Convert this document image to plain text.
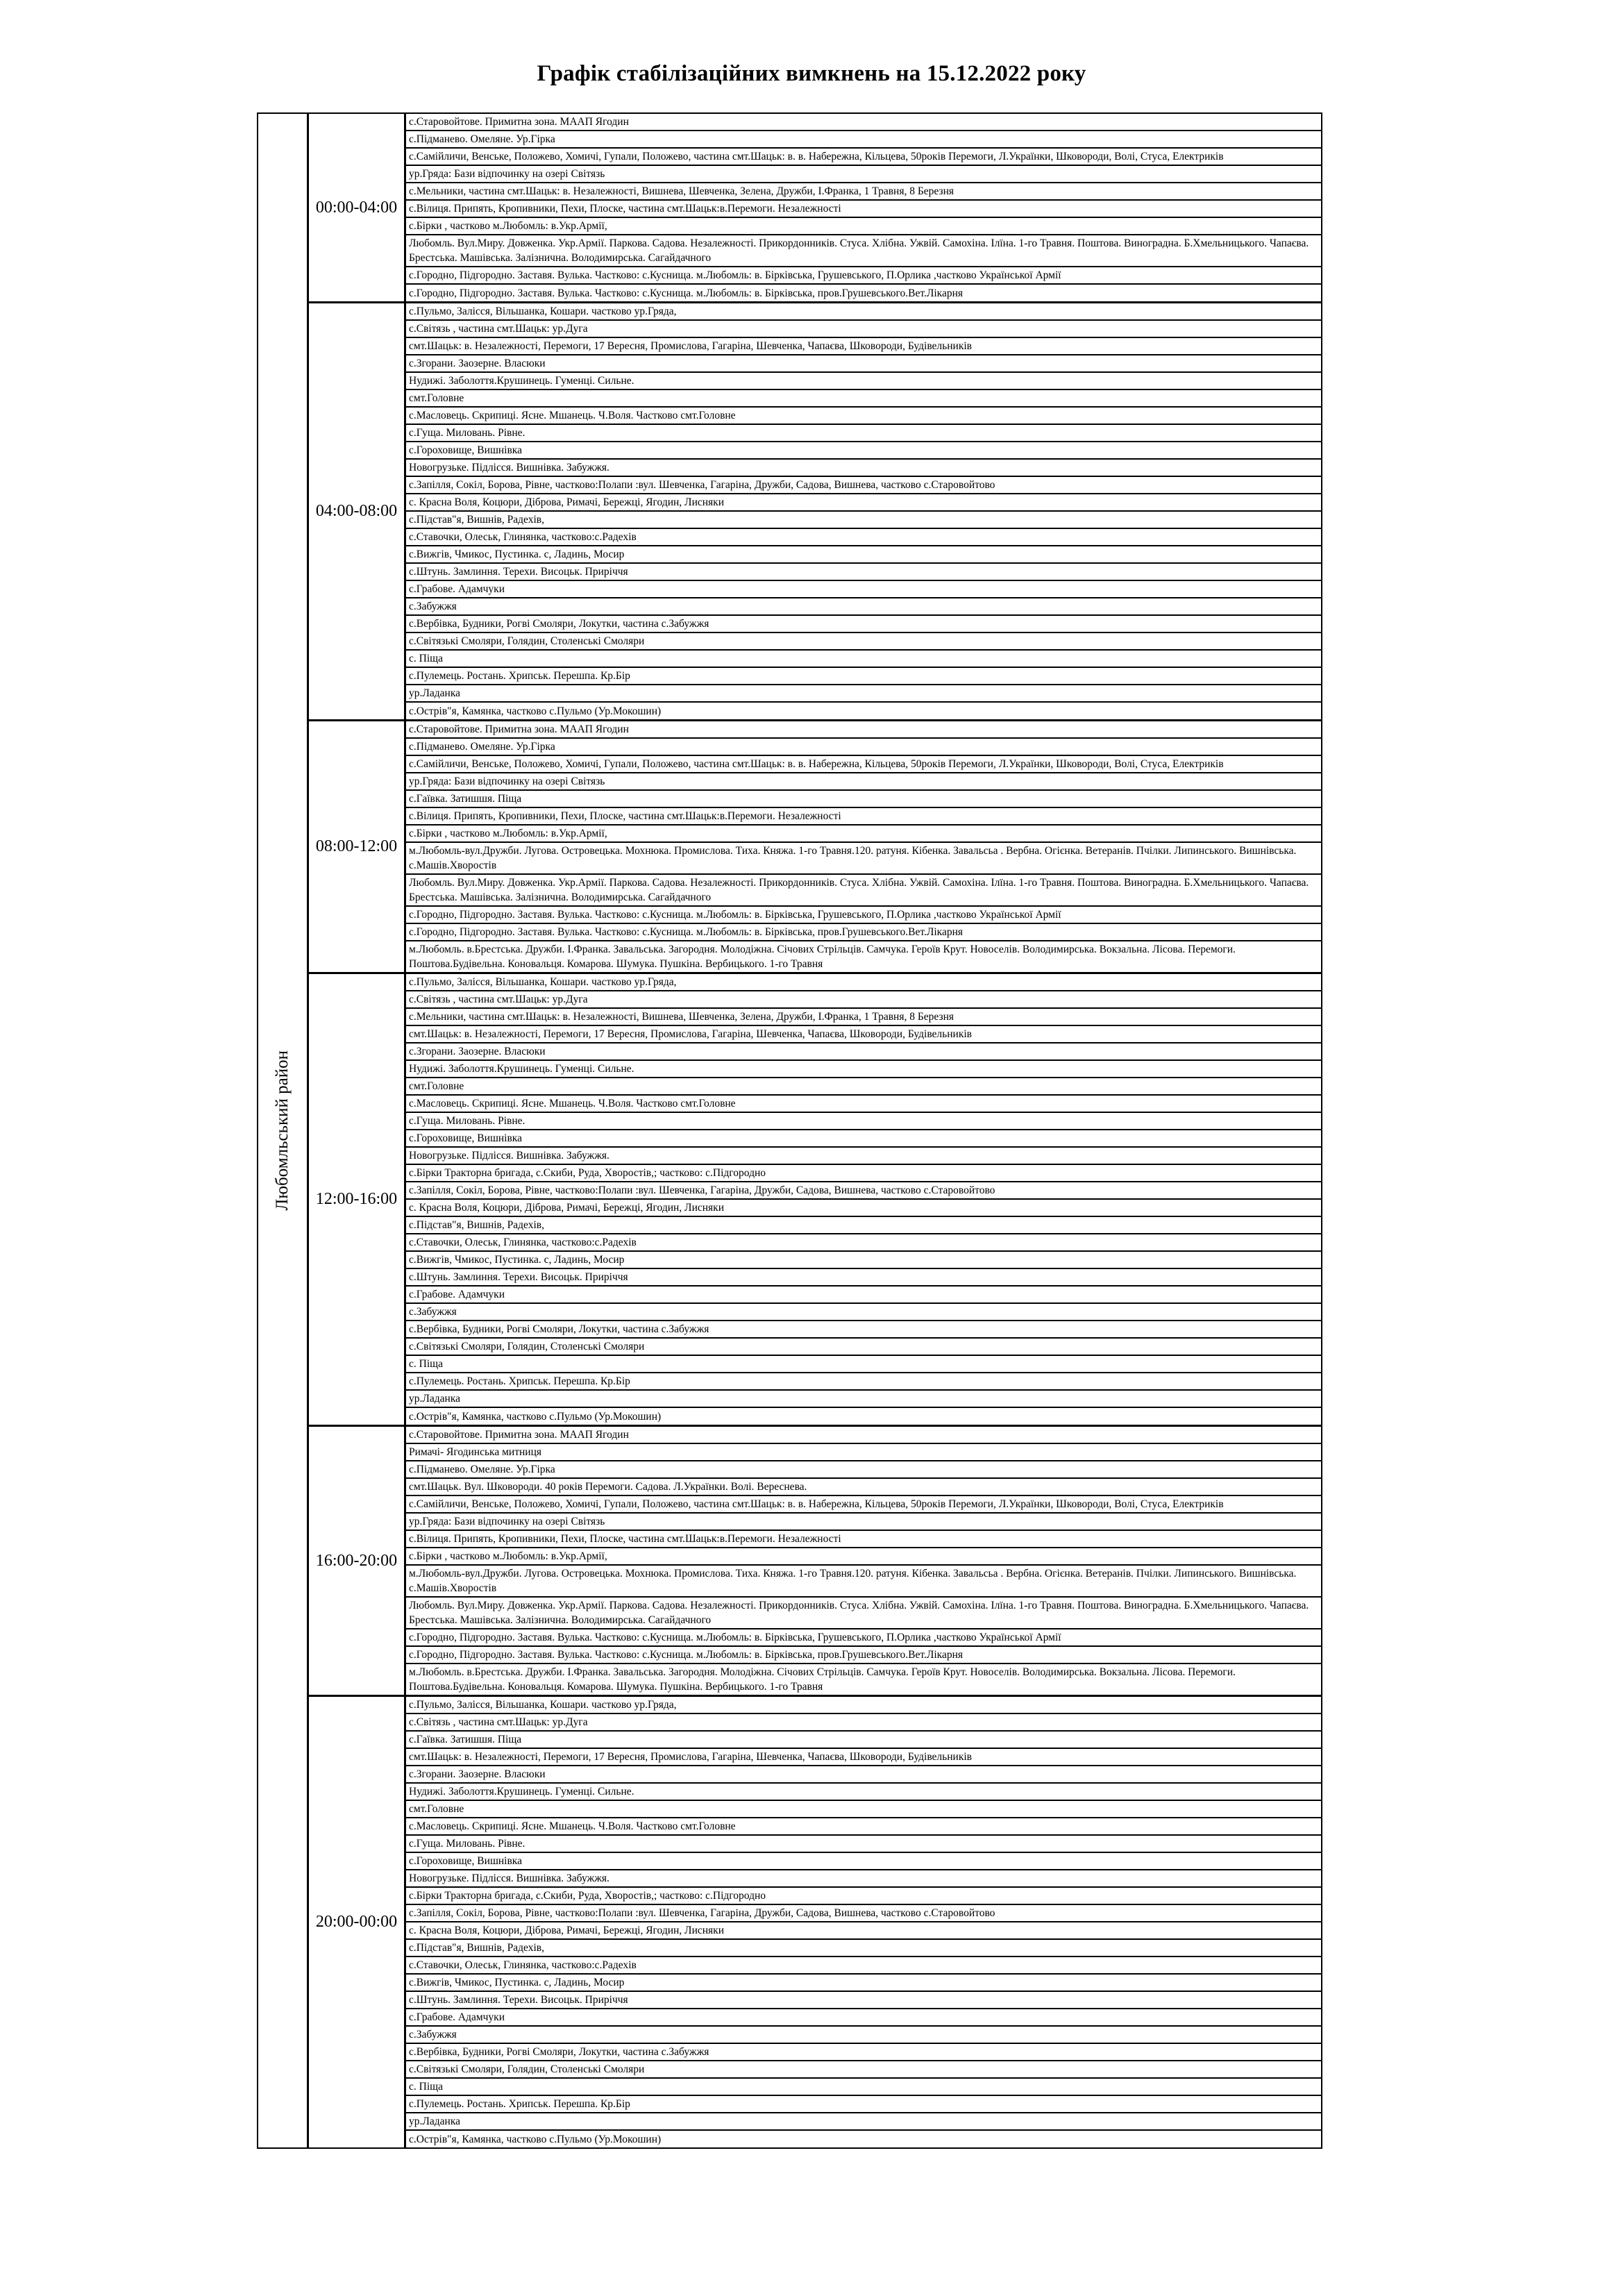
Графік стабілізаційних вимкнень на 15.12.2022 року
Любомльський район
00:00-04:00
с.Старовойтове. Примитна зона. МААП Ягодин
с.Підманево. Омеляне. Ур.Гірка
с.Самійличи, Венське, Положево, Хомичі, Гупали, Положево, частина смт.Шацьк: в. в. Набережна, Кільцева, 50років Перемоги, Л.Українки, Шковороди, Волі, Стуса, Електриків
ур.Гряда: Бази відпочинку на озері Світязь
с.Мельники, частина смт.Шацьк: в. Незалежності, Вишнева, Шевченка, Зелена, Дружби, І.Франка, 1 Травня, 8 Березня
с.Вілиця. Припять, Кропивники, Пехи, Плоске, частина смт.Шацьк:в.Перемоги. Незалежності
с.Бірки , частково м.Любомль: в.Укр.Армії,
Любомль. Вул.Миру. Довженка. Укр.Армії. Паркова. Садова. Незалежності. Прикордонників. Стуса. Хлібна. Ужвій. Самохіна. Ілїна. 1-го Травня. Поштова. Виноградна. Б.Хмельницького. Чапаєва. Брестська. Машівська. Залізнична. Володимирська. Сагайдачного
с.Городно, Підгородно. Заставя. Вулька. Частково: с.Куснища. м.Любомль: в. Бірківська, Грушевського, П.Орлика ,частково Української Армії
с.Городно, Підгородно. Заставя. Вулька. Частково: с.Куснища. м.Любомль: в. Бірківська, пров.Грушевського.Вет.Лікарня
04:00-08:00
с.Пульмо, Залісся, Вільшанка, Кошари. частково ур.Гряда,
с.Світязь , частина смт.Шацьк: ур.Дуга
смт.Шацьк: в. Незалежності, Перемоги, 17 Вересня, Промислова, Гагаріна, Шевченка, Чапаєва, Шковороди, Будівельників
с.Згорани. Заозерне. Власюки
Нудижі. Заболоття.Крушинець. Гуменці. Сильне.
смт.Головне
с.Масловець. Скрипиці. Ясне. Мшанець. Ч.Воля. Частково смт.Головне
с.Гуща. Миловань. Рівне.
с.Гороховище, Вишнівка
Новогрузьке. Підлісся. Вишнівка. Забужжя.
с.Запілля, Сокіл, Борова, Рівне, частково:Полапи :вул. Шевченка, Гагаріна, Дружби, Садова, Вишнева, частково с.Старовойтово
с. Красна Воля, Коцюри, Діброва, Римачі, Бережці, Ягодин, Лисняки
с.Підстав"я, Вишнів, Радехів,
с.Ставочки, Олеськ, Глинянка, частково:с.Радехів
с.Вижгів, Чмикос, Пустинка. с, Ладинь, Мосир
с.Штунь. Замлиння. Терехи. Висоцьк. Приріччя
с.Грабове. Адамчуки
с.Забужжя
с.Вербівка, Будники, Рогві Смоляри, Локутки, частина с.Забужжя
с.Світязькі Смоляри, Голядин, Столенські Смоляри
с. Піща
с.Пулемець. Ростань. Хрипськ. Перешпа. Кр.Бір
ур.Ладанка
с.Острів"я, Камянка, частково с.Пульмо (Ур.Мокошин)
08:00-12:00
с.Старовойтове. Примитна зона. МААП Ягодин
с.Підманево. Омеляне. Ур.Гірка
с.Самійличи, Венське, Положево, Хомичі, Гупали, Положево, частина смт.Шацьк: в. в. Набережна, Кільцева, 50років Перемоги, Л.Українки, Шковороди, Волі, Стуса, Електриків
ур.Гряда: Бази відпочинку на озері Світязь
с.Гаївка. Затишшя. Піща
с.Вілиця. Припять, Кропивники, Пехи, Плоске, частина смт.Шацьк:в.Перемоги. Незалежності
с.Бірки , частково м.Любомль: в.Укр.Армії,
м.Любомль-вул.Дружби. Лугова. Островецька. Мохнюка. Промислова. Тиха. Княжа. 1-го Травня.120. ратуня. Кібенка. Завальсьа . Вербна. Огієнка. Ветеранів. Пчілки. Липинського. Вишнівська. с.Машів.Хворостів
Любомль. Вул.Миру. Довженка. Укр.Армії. Паркова. Садова. Незалежності. Прикордонників. Стуса. Хлібна. Ужвій. Самохіна. Ілїна. 1-го Травня. Поштова. Виноградна. Б.Хмельницького. Чапаєва. Брестська. Машівська. Залізнична. Володимирська. Сагайдачного
с.Городно, Підгородно. Заставя. Вулька. Частково: с.Куснища. м.Любомль: в. Бірківська, Грушевського, П.Орлика ,частково Української Армії
с.Городно, Підгородно. Заставя. Вулька. Частково: с.Куснища. м.Любомль: в. Бірківська, пров.Грушевського.Вет.Лікарня
м.Любомль. в.Брестська. Дружби. І.Франка. Завальська. Загородня. Молодіжна. Січових Стрільців. Самчука. Героїв Крут. Новоселів. Володимирська. Вокзальна. Лісова. Перемоги. Поштова.Будівельна. Коновальця. Комарова. Шумука. Пушкіна. Вербицького. 1-го Травня
12:00-16:00
с.Пульмо, Залісся, Вільшанка, Кошари. частково ур.Гряда,
с.Світязь , частина смт.Шацьк: ур.Дуга
с.Мельники, частина смт.Шацьк: в. Незалежності, Вишнева, Шевченка, Зелена, Дружби, І.Франка, 1 Травня, 8 Березня
смт.Шацьк: в. Незалежності, Перемоги, 17 Вересня, Промислова, Гагаріна, Шевченка, Чапаєва, Шковороди, Будівельників
с.Згорани. Заозерне. Власюки
Нудижі. Заболоття.Крушинець. Гуменці. Сильне.
смт.Головне
с.Масловець. Скрипиці. Ясне. Мшанець. Ч.Воля. Частково смт.Головне
с.Гуща. Миловань. Рівне.
с.Гороховище, Вишнівка
Новогрузьке. Підлісся. Вишнівка. Забужжя.
с.Бірки Тракторна бригада, с.Скиби, Руда, Хворостів,; частково: с.Підгородно
с.Запілля, Сокіл, Борова, Рівне, частково:Полапи :вул. Шевченка, Гагаріна, Дружби, Садова, Вишнева, частково с.Старовойтово
с. Красна Воля, Коцюри, Діброва, Римачі, Бережці, Ягодин, Лисняки
с.Підстав"я, Вишнів, Радехів,
с.Ставочки, Олеськ, Глинянка, частково:с.Радехів
с.Вижгів, Чмикос, Пустинка. с, Ладинь, Мосир
с.Штунь. Замлиння. Терехи. Висоцьк. Приріччя
с.Грабове. Адамчуки
с.Забужжя
с.Вербівка, Будники, Рогві Смоляри, Локутки, частина с.Забужжя
с.Світязькі Смоляри, Голядин, Столенські Смоляри
с. Піща
с.Пулемець. Ростань. Хрипськ. Перешпа. Кр.Бір
ур.Ладанка
с.Острів"я, Камянка, частково с.Пульмо (Ур.Мокошин)
16:00-20:00
с.Старовойтове. Примитна зона. МААП Ягодин
Римачі- Ягодинська митниця
с.Підманево. Омеляне. Ур.Гірка
смт.Шацьк. Вул. Шковороди. 40 років Перемоги. Садова. Л.Українки. Волі. Вереснева.
с.Самійличи, Венське, Положево, Хомичі, Гупали, Положево, частина смт.Шацьк: в. в. Набережна, Кільцева, 50років Перемоги, Л.Українки, Шковороди, Волі, Стуса, Електриків
ур.Гряда: Бази відпочинку на озері Світязь
с.Вілиця. Припять, Кропивники, Пехи, Плоске, частина смт.Шацьк:в.Перемоги. Незалежності
с.Бірки , частково м.Любомль: в.Укр.Армії,
м.Любомль-вул.Дружби. Лугова. Островецька. Мохнюка. Промислова. Тиха. Княжа. 1-го Травня.120. ратуня. Кібенка. Завальсьа . Вербна. Огієнка. Ветеранів. Пчілки. Липинського. Вишнівська. с.Машів.Хворостів
Любомль. Вул.Миру. Довженка. Укр.Армії. Паркова. Садова. Незалежності. Прикордонників. Стуса. Хлібна. Ужвій. Самохіна. Ілїна. 1-го Травня. Поштова. Виноградна. Б.Хмельницького. Чапаєва. Брестська. Машівська. Залізнична. Володимирська. Сагайдачного
с.Городно, Підгородно. Заставя. Вулька. Частково: с.Куснища. м.Любомль: в. Бірківська, Грушевського, П.Орлика ,частково Української Армії
с.Городно, Підгородно. Заставя. Вулька. Частково: с.Куснища. м.Любомль: в. Бірківська, пров.Грушевського.Вет.Лікарня
м.Любомль. в.Брестська. Дружби. І.Франка. Завальська. Загородня. Молодіжна. Січових Стрільців. Самчука. Героїв Крут. Новоселів. Володимирська. Вокзальна. Лісова. Перемоги. Поштова.Будівельна. Коновальця. Комарова. Шумука. Пушкіна. Вербицького. 1-го Травня
20:00-00:00
с.Пульмо, Залісся, Вільшанка, Кошари. частково ур.Гряда,
с.Світязь , частина смт.Шацьк: ур.Дуга
с.Гаївка. Затишшя. Піща
смт.Шацьк: в. Незалежності, Перемоги, 17 Вересня, Промислова, Гагаріна, Шевченка, Чапаєва, Шковороди, Будівельників
с.Згорани. Заозерне. Власюки
Нудижі. Заболоття.Крушинець. Гуменці. Сильне.
смт.Головне
с.Масловець. Скрипиці. Ясне. Мшанець. Ч.Воля. Частково смт.Головне
с.Гуща. Миловань. Рівне.
с.Гороховище, Вишнівка
Новогрузьке. Підлісся. Вишнівка. Забужжя.
с.Бірки Тракторна бригада, с.Скиби, Руда, Хворостів,; частково: с.Підгородно
с.Запілля, Сокіл, Борова, Рівне, частково:Полапи :вул. Шевченка, Гагаріна, Дружби, Садова, Вишнева, частково с.Старовойтово
с. Красна Воля, Коцюри, Діброва, Римачі, Бережці, Ягодин, Лисняки
с.Підстав"я, Вишнів, Радехів,
с.Ставочки, Олеськ, Глинянка, частково:с.Радехів
с.Вижгів, Чмикос, Пустинка. с, Ладинь, Мосир
с.Штунь. Замлиння. Терехи. Висоцьк. Приріччя
с.Грабове. Адамчуки
с.Забужжя
с.Вербівка, Будники, Рогві Смоляри, Локутки, частина с.Забужжя
с.Світязькі Смоляри, Голядин, Столенські Смоляри
с. Піща
с.Пулемець. Ростань. Хрипськ. Перешпа. Кр.Бір
ур.Ладанка
с.Острів"я, Камянка, частково с.Пульмо (Ур.Мокошин)
